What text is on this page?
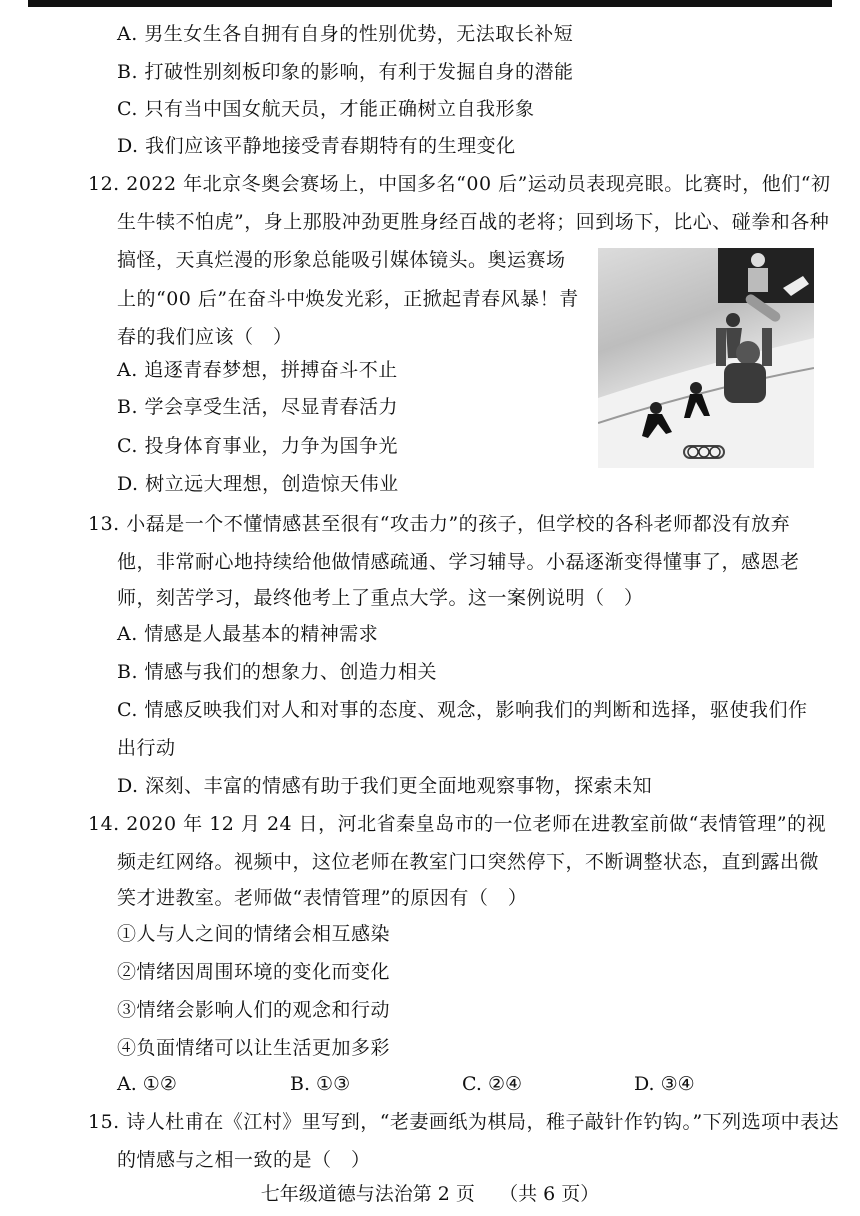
A. 男生女生各自拥有自身的性别优势，无法取长补短
B. 打破性别刻板印象的影响，有利于发掘自身的潜能
C. 只有当中国女航天员，才能正确树立自我形象
D. 我们应该平静地接受青春期特有的生理变化
12. 2022 年北京冬奥会赛场上，中国多名“00 后”运动员表现亮眼。比赛时，他们“初
生牛犊不怕虎”，身上那股冲劲更胜身经百战的老将；回到场下，比心、碰拳和各种
搞怪，天真烂漫的形象总能吸引媒体镜头。奥运赛场
上的“00 后”在奋斗中焕发光彩，正掀起青春风暴！青
春的我们应该（　）
A. 追逐青春梦想，拼搏奋斗不止
B. 学会享受生活，尽显青春活力
C. 投身体育事业，力争为国争光
D. 树立远大理想，创造惊天伟业
13. 小磊是一个不懂情感甚至很有“攻击力”的孩子，但学校的各科老师都没有放弃
他，非常耐心地持续给他做情感疏通、学习辅导。小磊逐渐变得懂事了，感恩老
师，刻苦学习，最终他考上了重点大学。这一案例说明（　）
A. 情感是人最基本的精神需求
B. 情感与我们的想象力、创造力相关
C. 情感反映我们对人和对事的态度、观念，影响我们的判断和选择，驱使我们作
出行动
D. 深刻、丰富的情感有助于我们更全面地观察事物，探索未知
14. 2020 年 12 月 24 日，河北省秦皇岛市的一位老师在进教室前做“表情管理”的视
频走红网络。视频中，这位老师在教室门口突然停下，不断调整状态，直到露出微
笑才进教室。老师做“表情管理”的原因有（　）
①人与人之间的情绪会相互感染
②情绪因周围环境的变化而变化
③情绪会影响人们的观念和行动
④负面情绪可以让生活更加多彩
A. ①②	B. ①③	C. ②④	D. ③④
15. 诗人杜甫在《江村》里写到，“老妻画纸为棋局，稚子敲针作钓钩。”下列选项中表达
的情感与之相一致的是（　）
七年级道德与法治第 2 页 （共 6 页）
